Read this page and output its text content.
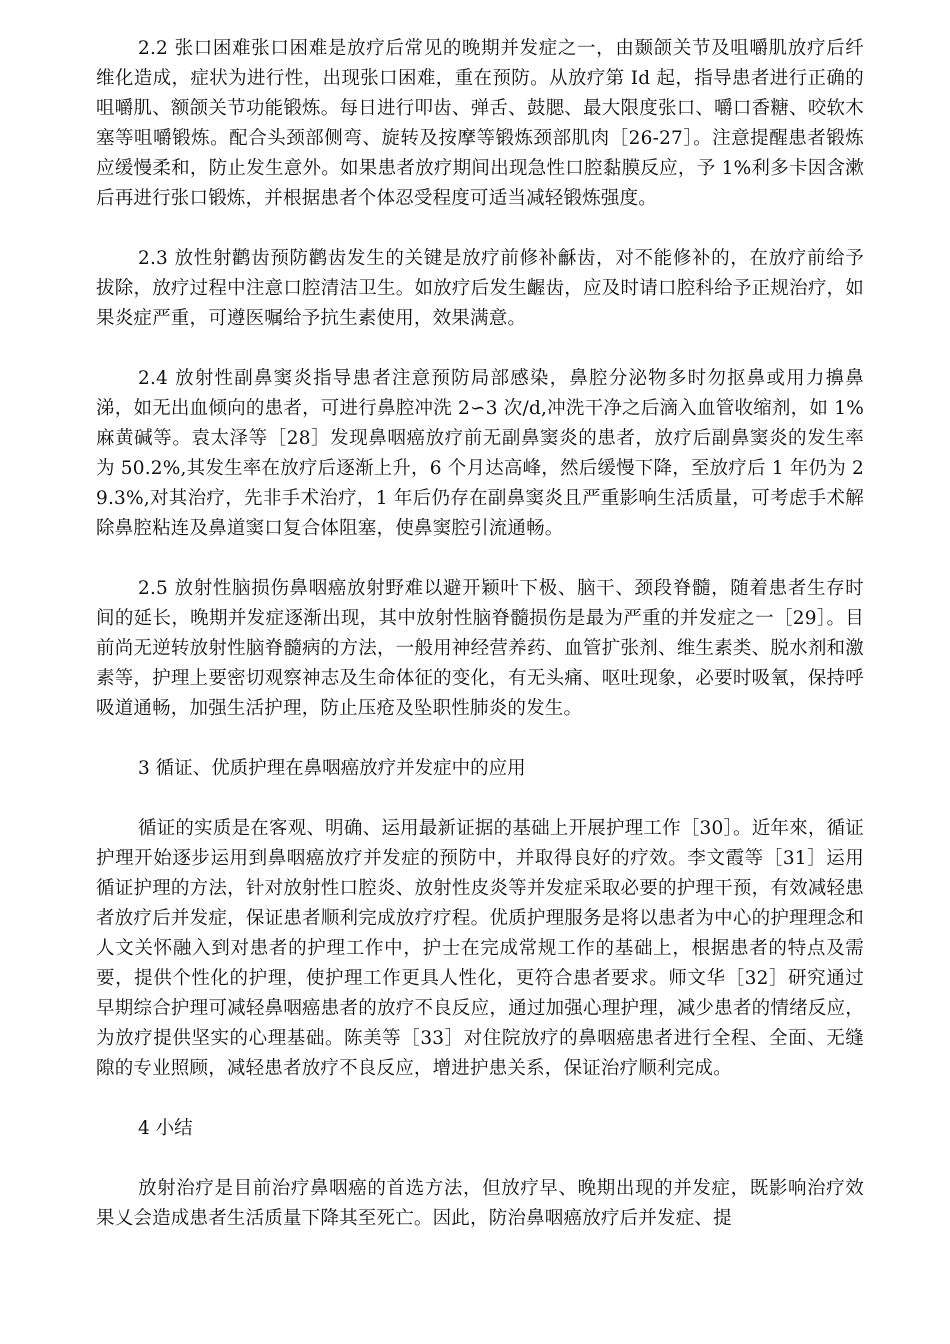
2.2 张口困难张口困难是放疗后常见的晚期并发症之一，由颞颌关节及咀嚼肌放疗后纤维化造成，症状为进行性，出现张口困难，重在预防。从放疗第 Id 起，指导患者进行正确的咀嚼肌、额颌关节功能锻炼。每日进行叩齿、弹舌、鼓腮、最大限度张口、嚼口香糖、咬软木塞等咀嚼锻炼。配合头颈部侧弯、旋转及按摩等锻炼颈部肌肉［26-27］。注意提醒患者锻炼应缓慢柔和，防止发生意外。如果患者放疗期间出现急性口腔黏膜反应，予 1%利多卡因含漱后再进行张口锻炼，并根据患者个体忍受程度可适当减轻锻炼强度。

2.3 放性射鹳齿预防鹳齿发生的关键是放疗前修补龢齿，对不能修补的，在放疗前给予拔除，放疗过程中注意口腔清洁卫生。如放疗后发生齷齿，应及时请口腔科给予正规治疗，如果炎症严重，可遵医嘱给予抗生素使用，效果满意。

2.4 放射性副鼻窦炎指导患者注意预防局部感染，鼻腔分泌物多时勿抠鼻或用力擤鼻涕，如无出血倾向的患者，可进行鼻腔冲洗 2∽3 次/d,冲洗干净之后滴入血管收缩剂，如 1%麻黄碱等。袁太泽等［28］发现鼻咽癌放疗前无副鼻窦炎的患者，放疗后副鼻窦炎的发生率为 50.2%,其发生率在放疗后逐渐上升，6 个月达高峰，然后缓慢下降，至放疗后 1 年仍为 29.3%,对其治疗，先非手术治疗，1 年后仍存在副鼻窦炎且严重影响生活质量，可考虑手术解除鼻腔粘连及鼻道窦口复合体阻塞，使鼻窦腔引流通畅。

2.5 放射性脑损伤鼻咽癌放射野难以避开颖叶下极、脑干、颈段脊髓，随着患者生存时间的延长，晚期并发症逐渐出现，其中放射性脑脊髓损伤是最为严重的并发症之一［29］。目前尚无逆转放射性脑脊髓病的方法，一般用神经营养药、血管扩张剂、维生素类、脱水剂和激素等，护理上要密切观察神志及生命体征的变化，有无头痛、呕吐现象，必要时吸氧，保持呼吸道通畅，加强生活护理，防止压疮及坠职性肺炎的发生。

3 循证、优质护理在鼻咽癌放疗并发症中的应用

循证的实质是在客观、明确、运用最新证据的基础上开展护理工作［30］。近年來，循证护理开始逐步运用到鼻咽癌放疗并发症的预防中，并取得良好的疗效。李文霞等［31］运用循证护理的方法，针对放射性口腔炎、放射性皮炎等并发症采取必要的护理干预，有效减轻患者放疗后并发症，保证患者顺利完成放疗疗程。优质护理服务是将以患者为中心的护理理念和人文关怀融入到对患者的护理工作中，护士在完成常规工作的基础上，根据患者的特点及需要，提供个性化的护理，使护理工作更具人性化，更符合患者要求。师文华［32］研究通过早期综合护理可减轻鼻咽癌患者的放疗不良反应，通过加强心理护理，减少患者的情绪反应，为放疗提供坚实的心理基础。陈美等［33］对住院放疗的鼻咽癌患者进行全程、全面、无缝隙的专业照顾，减轻患者放疗不良反应，增进护患关系，保证治疗顺利完成。

4 小结

放射治疗是目前治疗鼻咽癌的首选方法，但放疗早、晚期出现的并发症，既影响治疗效果乂会造成患者生活质量下降其至死亡。因此，防治鼻咽癌放疗后并发症、提
